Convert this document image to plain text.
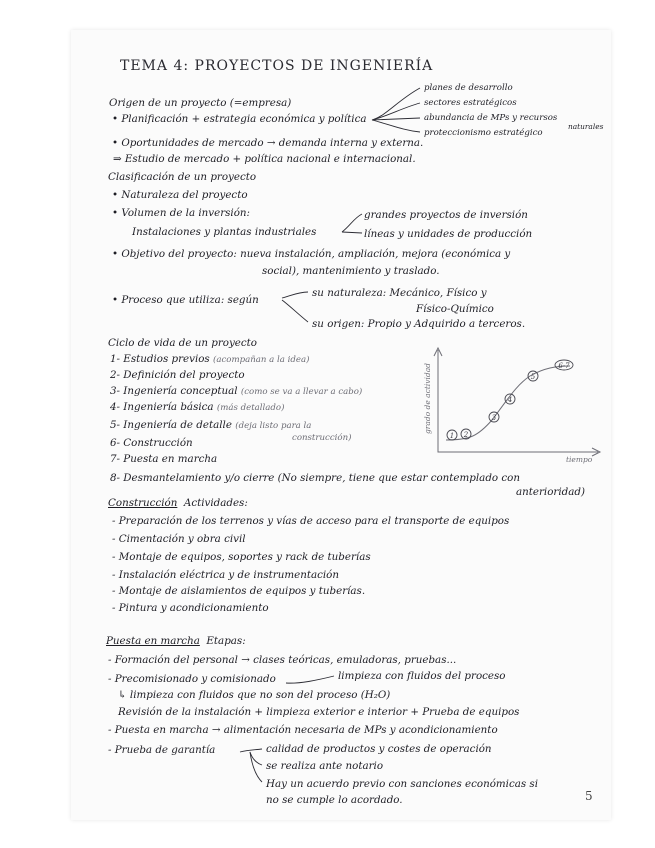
TEMA 4: PROYECTOS DE INGENIERÍA
Origen de un proyecto (=empresa)
• Planificación + estrategia económica y política
planes de desarrollo
sectores estratégicos
abundancia de MPs y recursos
naturales
proteccionismo estratégico
• Oportunidades de mercado → demanda interna y externa.
⇒ Estudio de mercado + política nacional e internacional.
Clasificación de un proyecto
• Naturaleza del proyecto
• Volumen de la inversión:	grandes proyectos de inversión
Instalaciones y plantas industriales	líneas y unidades de producción
• Objetivo del proyecto: nueva instalación, ampliación, mejora (económica y
social), mantenimiento y traslado.
• Proceso que utiliza: según
su naturaleza: Mecánico, Físico y
Físico-Químico
su origen: Propio y Adquirido a terceros.
Ciclo de vida de un proyecto
1- Estudios previos (acompañan a la idea)
2- Definición del proyecto
3- Ingeniería conceptual (como se va a llevar a cabo)
4- Ingeniería básica (más detallado)
5- Ingeniería de detalle (deja listo para la
6- Construcción	construcción)
7- Puesta en marcha
8- Desmantelamiento y/o cierre (No siempre, tiene que estar contemplado con
anterioridad)
1 2
3
4
5
6-7
grado de actividad
tiempo
Construcción Actividades:
- Preparación de los terrenos y vías de acceso para el transporte de equipos
- Cimentación y obra civil
- Montaje de equipos, soportes y rack de tuberías
- Instalación eléctrica y de instrumentación
- Montaje de aislamientos de equipos y tuberías.
- Pintura y acondicionamiento
Puesta en marcha Etapas:
- Formación del personal → clases teóricas, emuladoras, pruebas...
- Precomisionado y comisionado	limpieza con fluidos del proceso
↳ limpieza con fluidos que no son del proceso (H₂O)
Revisión de la instalación + limpieza exterior e interior + Prueba de equipos
- Puesta en marcha → alimentación necesaria de MPs y acondicionamiento
- Prueba de garantía	calidad de productos y costes de operación
se realiza ante notario
Hay un acuerdo previo con sanciones económicas si
no se cumple lo acordado.	5
